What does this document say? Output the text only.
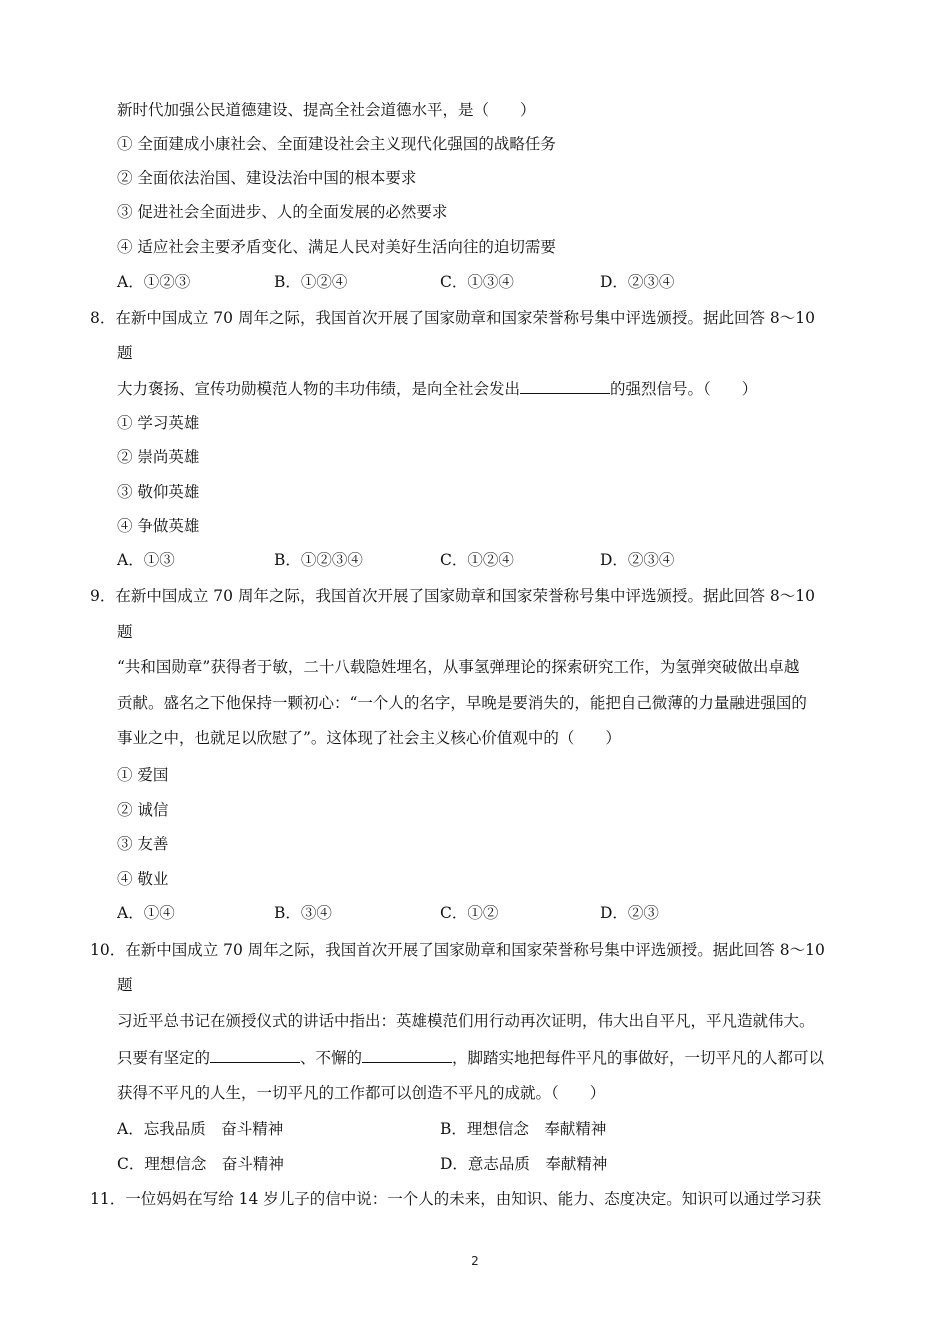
新时代加强公民道德建设、提高全社会道德水平，是（　　）
① 全面建成小康社会、全面建设社会主义现代化强国的战略任务
② 全面依法治国、建设法治中国的根本要求
③ 促进社会全面进步、人的全面发展的必然要求
④ 适应社会主要矛盾变化、满足人民对美好生活向往的迫切需要
A．①②③	B．①②④	C．①③④	D．②③④
8．在新中国成立 70 周年之际，我国首次开展了国家勋章和国家荣誉称号集中评选颁授。据此回答 8～10
题
大力褒扬、宣传功勋模范人物的丰功伟绩，是向全社会发出	的强烈信号。（　　）
① 学习英雄
② 崇尚英雄
③ 敬仰英雄
④ 争做英雄
A．①③	B．①②③④	C．①②④	D．②③④
9．在新中国成立 70 周年之际，我国首次开展了国家勋章和国家荣誉称号集中评选颁授。据此回答 8～10
题
“共和国勋章”获得者于敏，二十八载隐姓埋名，从事氢弹理论的探索研究工作，为氢弹突破做出卓越
贡献。盛名之下他保持一颗初心：“一个人的名字，早晚是要消失的，能把自己微薄的力量融进强国的
事业之中，也就足以欣慰了”。这体现了社会主义核心价值观中的（　　）
① 爱国
② 诚信
③ 友善
④ 敬业
A．①④	B．③④	C．①②	D．②③
10．在新中国成立 70 周年之际，我国首次开展了国家勋章和国家荣誉称号集中评选颁授。据此回答 8～10
题
习近平总书记在颁授仪式的讲话中指出：英雄模范们用行动再次证明，伟大出自平凡，平凡造就伟大。
只要有坚定的	、不懈的	，脚踏实地把每件平凡的事做好，一切平凡的人都可以
获得不平凡的人生，一切平凡的工作都可以创造不平凡的成就。（　　）
A．忘我品质　奋斗精神	B．理想信念　奉献精神
C．理想信念　奋斗精神	D．意志品质　奉献精神
11．一位妈妈在写给 14 岁儿子的信中说：一个人的未来，由知识、能力、态度决定。知识可以通过学习获
2
